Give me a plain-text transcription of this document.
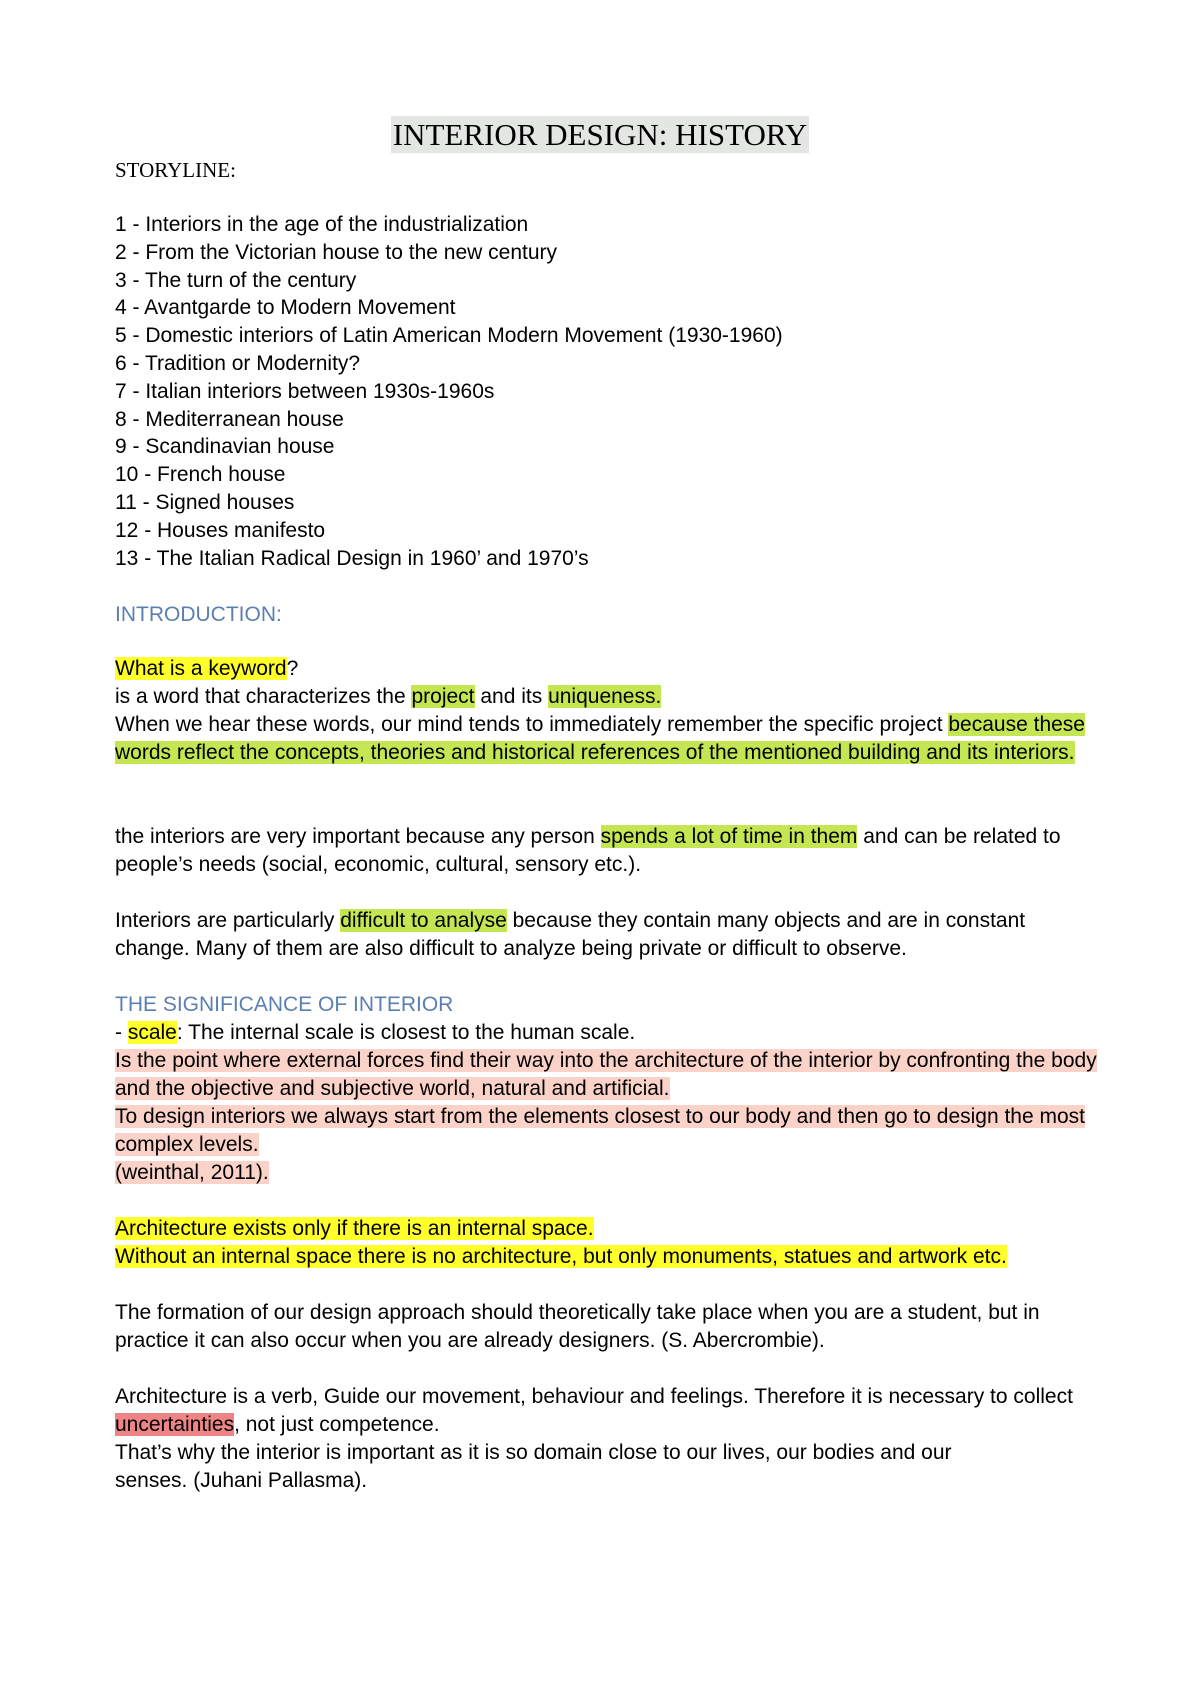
INTERIOR DESIGN: HISTORY
STORYLINE:
1 - Interiors in the age of the industrialization
2 - From the Victorian house to the new century
3 - The turn of the century
4 - Avantgarde to Modern Movement
5 - Domestic interiors of Latin American Modern Movement (1930-1960)
6 - Tradition or Modernity?
7 - Italian interiors between 1930s-1960s
8 - Mediterranean house
9 - Scandinavian house
10 - French house
11 - Signed houses
12 - Houses manifesto
13 - The Italian Radical Design in 1960’ and 1970’s
INTRODUCTION:
What is a keyword?
is a word that characterizes the project and its uniqueness.
When we hear these words, our mind tends to immediately remember the specific project because these words reflect the concepts, theories and historical references of the mentioned building and its interiors.
the interiors are very important because any person spends a lot of time in them and can be related to people’s needs (social, economic, cultural, sensory etc.).
Interiors are particularly difficult to analyse because they contain many objects and are in constant change. Many of them are also difficult to analyze being private or difficult to observe.
THE SIGNIFICANCE OF INTERIOR
- scale: The internal scale is closest to the human scale.
Is the point where external forces find their way into the architecture of the interior by confronting the body and the objective and subjective world, natural and artificial.
To design interiors we always start from the elements closest to our body and then go to design the most complex levels.
(weinthal, 2011).
Architecture exists only if there is an internal space.
Without an internal space there is no architecture, but only monuments, statues and artwork etc.
The formation of our design approach should theoretically take place when you are a student, but in practice it can also occur when you are already designers. (S. Abercrombie).
Architecture is a verb, Guide our movement, behaviour and feelings. Therefore it is necessary to collect uncertainties, not just competence.
That’s why the interior is important as it is so domain close to our lives, our bodies and our senses. (Juhani Pallasma).
